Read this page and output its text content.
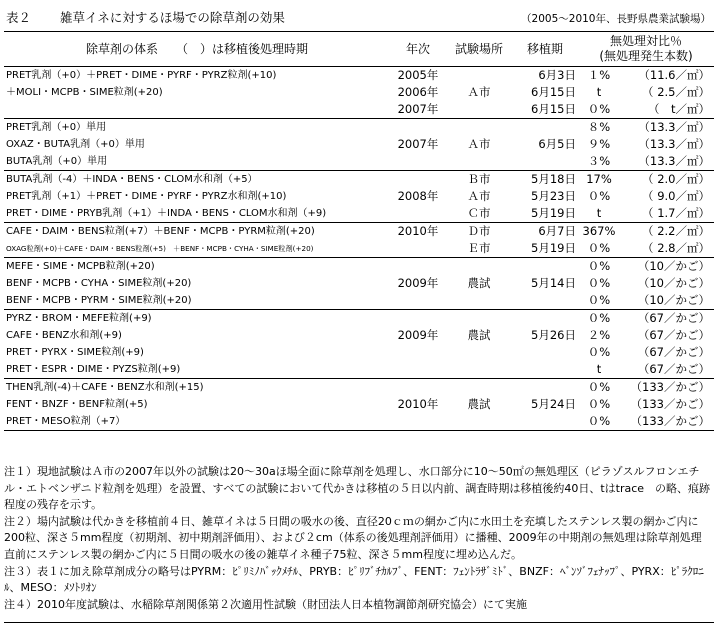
表２ 雑草イネに対するほ場での除草剤の効果	（2005～2010年、長野県農業試験場）
除草剤の体系　　（　）は移植後処理時期	年次	試験場所	移植期	無処理対比％
(無処理発生本数)	

PRET乳剤（+0）＋PRET・DIME・PYRF・PYRZ粒剤(+10)	2005年		6月3日	１%	（11.6／㎡）
＋MOLI・MCPB・SIME粒剤(+20)	2006年	Ａ市	6月15日	t	（ 2.5／㎡）
	2007年		6月15日	０%	（　t／㎡）
PRET乳剤（+0）単用				８%	（13.3／㎡）
OXAZ・BUTA乳剤（+0）単用	2007年	Ａ市	6月5日	９%	（13.3／㎡）
BUTA乳剤（+0）単用				３%	（13.3／㎡）
BUTA乳剤（-4）＋INDA・BENS・CLOM水和剤（+5）		Ｂ市	5月18日	17%	（ 2.0／㎡）
PRET乳剤（+1）＋PRET・DIME・PYRF・PYRZ水和剤(+10)	2008年	Ａ市	5月23日	０%	（ 9.0／㎡）
PRET・DIME・PRYB乳剤（+1）＋INDA・BENS・CLOM水和剤（+9)		Ｃ市	5月19日	t	（ 1.7／㎡）
CAFE・DAIM・BENS粒剤(+7）＋BENF・MCPB・PYRM粒剤(+20)	2010年	Ｄ市	6月7日	367%	（ 2.2／㎡）
OXAG粒剤(+0)＋CAFE・DAIM・BENS粒剤(+5)　＋BENF・MCPB・CYHA・SIME粒剤(+20)		Ｅ市	5月19日	０%	（ 2.8／㎡）
MEFE・SIME・MCPB粒剤(+20)				０%	（10／かご）
BENF・MCPB・CYHA・SIME粒剤(+20)	2009年	農試	5月14日	０%	（10／かご）
BENF・MCPB・PYRM・SIME粒剤(+20)				０%	（10／かご）
PYRZ・BROM・MEFE粒剤(+9)				０%	（67／かご）
CAFE・BENZ水和剤(+9)	2009年	農試	5月26日	２%	（67／かご）
PRET・PYRX・SIME粒剤(+9)				０%	（67／かご）
PRET・ESPR・DIME・PYZS粒剤(+9)				t	（67／かご）
THEN乳剤(-4)＋CAFE・BENZ水和剤(+15)				０%	（133／かご）
FENT・BNZF・BENF粒剤(+5)	2010年	農試	5月24日	０%	（133／かご）
PRET・MESO粒剤（+7）				０%	（133／かご）
注１）現地試験はＡ市の2007年以外の試験は20～30aほ場全面に除草剤を処理し、水口部分に10～50㎡の無処理区（ピラゾスルフロンエチル・エトベンザニド粒剤を処理）を設置、すべての試験において代かきは移植の５日以内前、調査時期は移植後約40日、tはtrace　の略、痕跡程度の残存を示す。
注２）場内試験は代かきを移植前４日、雑草イネは５日間の吸水の後、直径20ｃｍの網かご内に水田土を充填したステンレス製の網かご内に200粒、深さ５mm程度（初期剤、初中期剤評価用）、および２cm（体系の後処理剤評価用）に播種、2009年の中期剤の無処理は除草剤処理直前にステンレス製の網かご内に５日間の吸水の後の雑草イネ種子75粒、深さ５mm程度に埋め込んだ。
注３）表１に加え除草剤成分の略号はPYRM：ﾋﾟﾘﾐﾉﾊﾞｯｸﾒﾁﾙ、PRYB：ﾋﾟﾘﾌﾞﾁｶﾙﾌﾞ、FENT：ﾌｪﾝﾄﾗｻﾞﾐﾄﾞ、BNZF：ﾍﾞﾝｿﾞﾌｪﾅｯﾌﾟ、PYRX：ﾋﾟﾗｸﾛﾆﾙ、MESO：ﾒｿﾄﾘｵﾝ
注４）2010年度試験は、水稲除草剤関係第２次適用性試験（財団法人日本植物調節剤研究協会）にて実施
